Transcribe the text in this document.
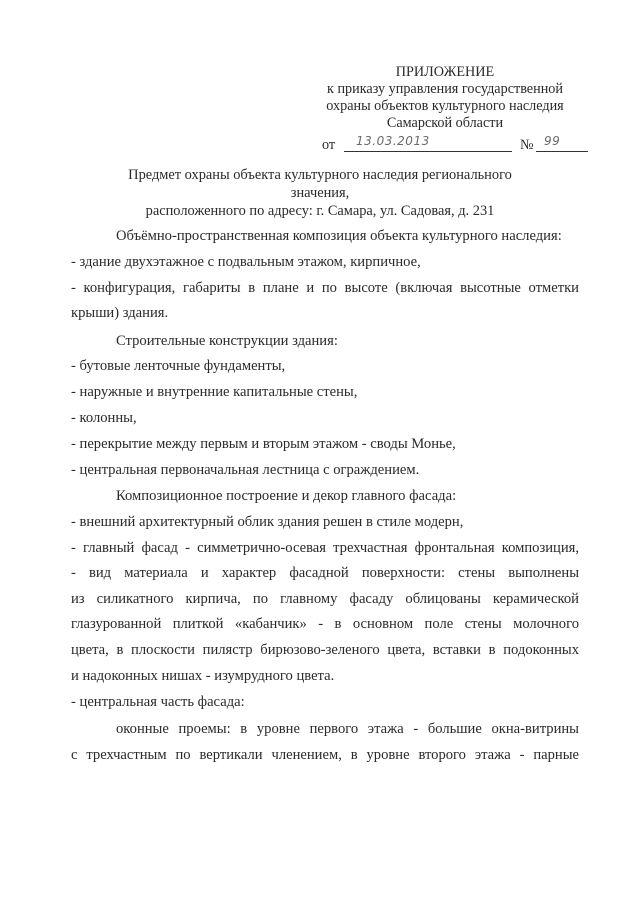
ПРИЛОЖЕНИЕ
к приказу управления государственной
охраны объектов культурного наследия
Самарской области
от 13.03.2013	№ 99
Предмет охраны объекта культурного наследия регионального значения,
расположенного по адресу: г. Самара, ул. Садовая, д. 231
Объёмно-пространственная композиция объекта культурного наследия:
- здание двухэтажное с подвальным этажом, кирпичное,
- конфигурация, габариты в плане и по высоте (включая высотные отметки
крыши) здания.
Строительные конструкции здания:
- бутовые ленточные фундаменты,
- наружные и внутренние капитальные стены,
- колонны,
- перекрытие между первым и вторым этажом - своды Монье,
- центральная первоначальная лестница с ограждением.
Композиционное построение и декор главного фасада:
- внешний архитектурный облик здания решен в стиле модерн,
- главный фасад - симметрично-осевая трехчастная фронтальная композиция,
- вид материала и характер фасадной поверхности: стены выполнены
из силикатного кирпича, по главному фасаду облицованы керамической
глазурованной плиткой «кабанчик» - в основном поле стены молочного
цвета, в плоскости пилястр бирюзово-зеленого цвета, вставки в подоконных
и надоконных нишах - изумрудного цвета.
- центральная часть фасада:
оконные проемы: в уровне первого этажа - большие окна-витрины
с трехчастным по вертикали членением, в уровне второго этажа - парные
